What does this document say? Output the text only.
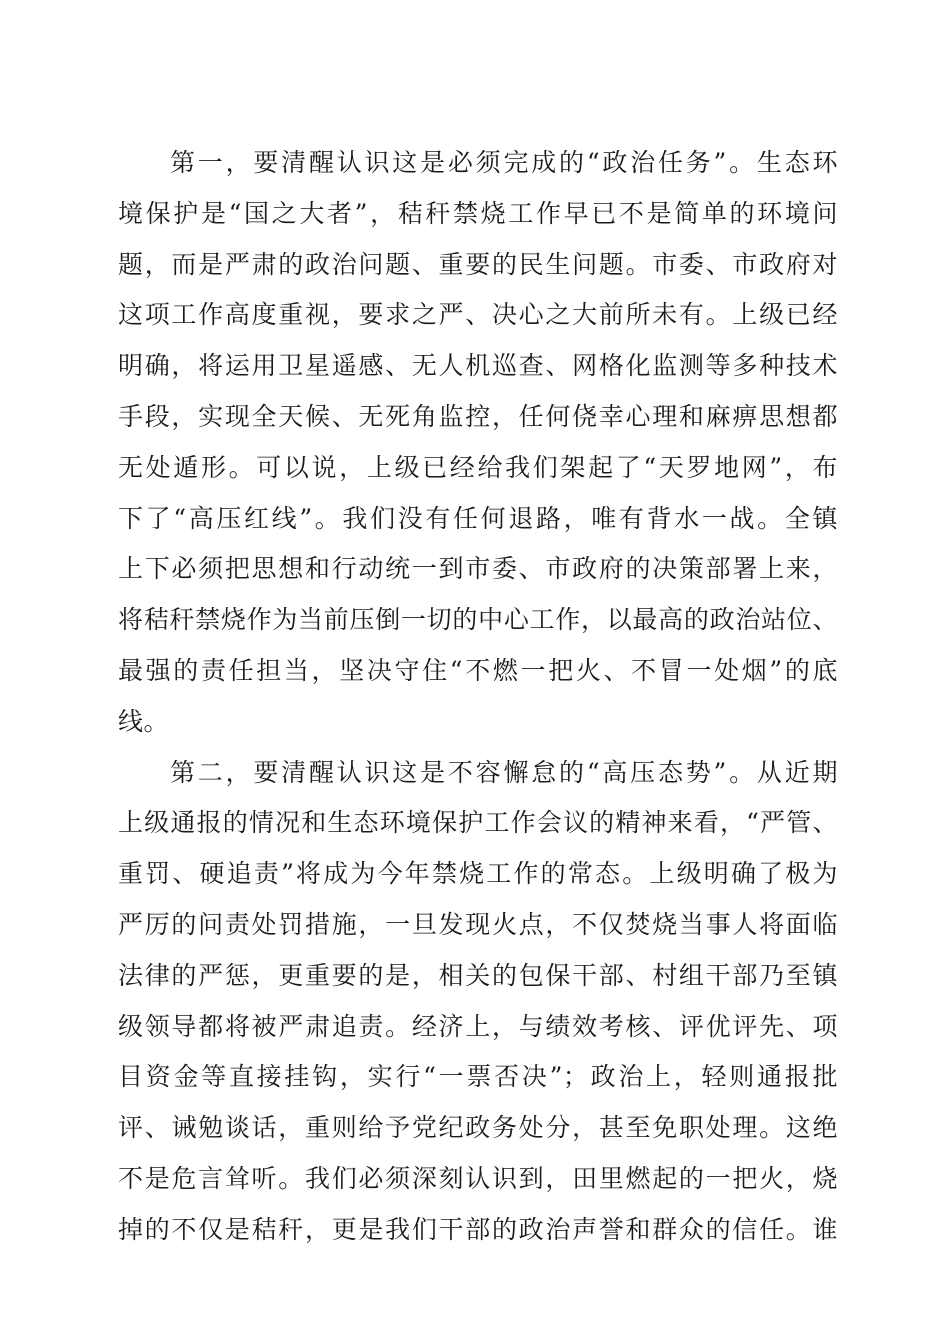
第一，要清醒认识这是必须完成的“政治任务”。生态环
境保护是“国之大者”，秸秆禁烧工作早已不是简单的环境问
题，而是严肃的政治问题、重要的民生问题。市委、市政府对
这项工作高度重视，要求之严、决心之大前所未有。上级已经
明确，将运用卫星遥感、无人机巡查、网格化监测等多种技术
手段，实现全天候、无死角监控，任何侥幸心理和麻痹思想都
无处遁形。可以说，上级已经给我们架起了“天罗地网”，布
下了“高压红线”。我们没有任何退路，唯有背水一战。全镇
上下必须把思想和行动统一到市委、市政府的决策部署上来，
将秸秆禁烧作为当前压倒一切的中心工作，以最高的政治站位、
最强的责任担当，坚决守住“不燃一把火、不冒一处烟”的底
线。
第二，要清醒认识这是不容懈怠的“高压态势”。从近期
上级通报的情况和生态环境保护工作会议的精神来看，“严管、
重罚、硬追责”将成为今年禁烧工作的常态。上级明确了极为
严厉的问责处罚措施，一旦发现火点，不仅焚烧当事人将面临
法律的严惩，更重要的是，相关的包保干部、村组干部乃至镇
级领导都将被严肃追责。经济上，与绩效考核、评优评先、项
目资金等直接挂钩，实行“一票否决”；政治上，轻则通报批
评、诫勉谈话，重则给予党纪政务处分，甚至免职处理。这绝
不是危言耸听。我们必须深刻认识到，田里燃起的一把火，烧
掉的不仅是秸秆，更是我们干部的政治声誉和群众的信任。谁
